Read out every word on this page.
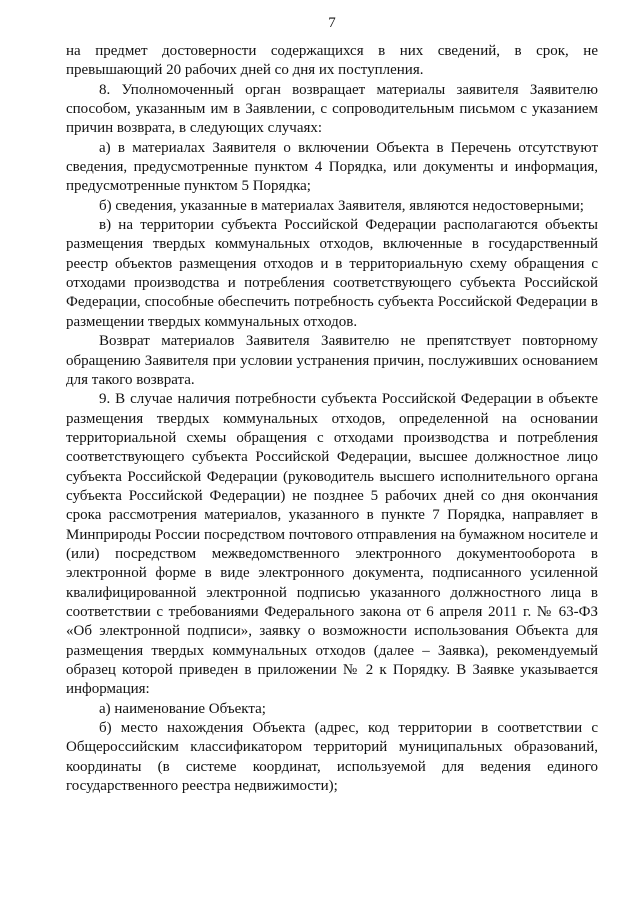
7

на предмет достоверности содержащихся в них сведений, в срок, не превышающий 20 рабочих дней со дня их поступления.

8. Уполномоченный орган возвращает материалы заявителя Заявителю способом, указанным им в Заявлении, с сопроводительным письмом с указанием причин возврата, в следующих случаях:

а) в материалах Заявителя о включении Объекта в Перечень отсутствуют сведения, предусмотренные пунктом 4 Порядка, или документы и информация, предусмотренные пунктом 5 Порядка;

б) сведения, указанные в материалах Заявителя, являются недостоверными;

в) на территории субъекта Российской Федерации располагаются объекты размещения твердых коммунальных отходов, включенные в государственный реестр объектов размещения отходов и в территориальную схему обращения с отходами производства и потребления соответствующего субъекта Российской Федерации, способные обеспечить потребность субъекта Российской Федерации в размещении твердых коммунальных отходов.

Возврат материалов Заявителя Заявителю не препятствует повторному обращению Заявителя при условии устранения причин, послуживших основанием для такого возврата.

9. В случае наличия потребности субъекта Российской Федерации в объекте размещения твердых коммунальных отходов, определенной на основании территориальной схемы обращения с отходами производства и потребления соответствующего субъекта Российской Федерации, высшее должностное лицо субъекта Российской Федерации (руководитель высшего исполнительного органа субъекта Российской Федерации) не позднее 5 рабочих дней со дня окончания срока рассмотрения материалов, указанного в пункте 7 Порядка, направляет в Минприроды России посредством почтового отправления на бумажном носителе и (или) посредством межведомственного электронного документооборота в электронной форме в виде электронного документа, подписанного усиленной квалифицированной электронной подписью указанного должностного лица в соответствии с требованиями Федерального закона от 6 апреля 2011 г. № 63-ФЗ «Об электронной подписи», заявку о возможности использования Объекта для размещения твердых коммунальных отходов (далее – Заявка), рекомендуемый образец которой приведен в приложении № 2 к Порядку. В Заявке указывается информация:

а) наименование Объекта;

б) место нахождения Объекта (адрес, код территории в соответствии с Общероссийским классификатором территорий муниципальных образований, координаты (в системе координат, используемой для ведения единого государственного реестра недвижимости);
